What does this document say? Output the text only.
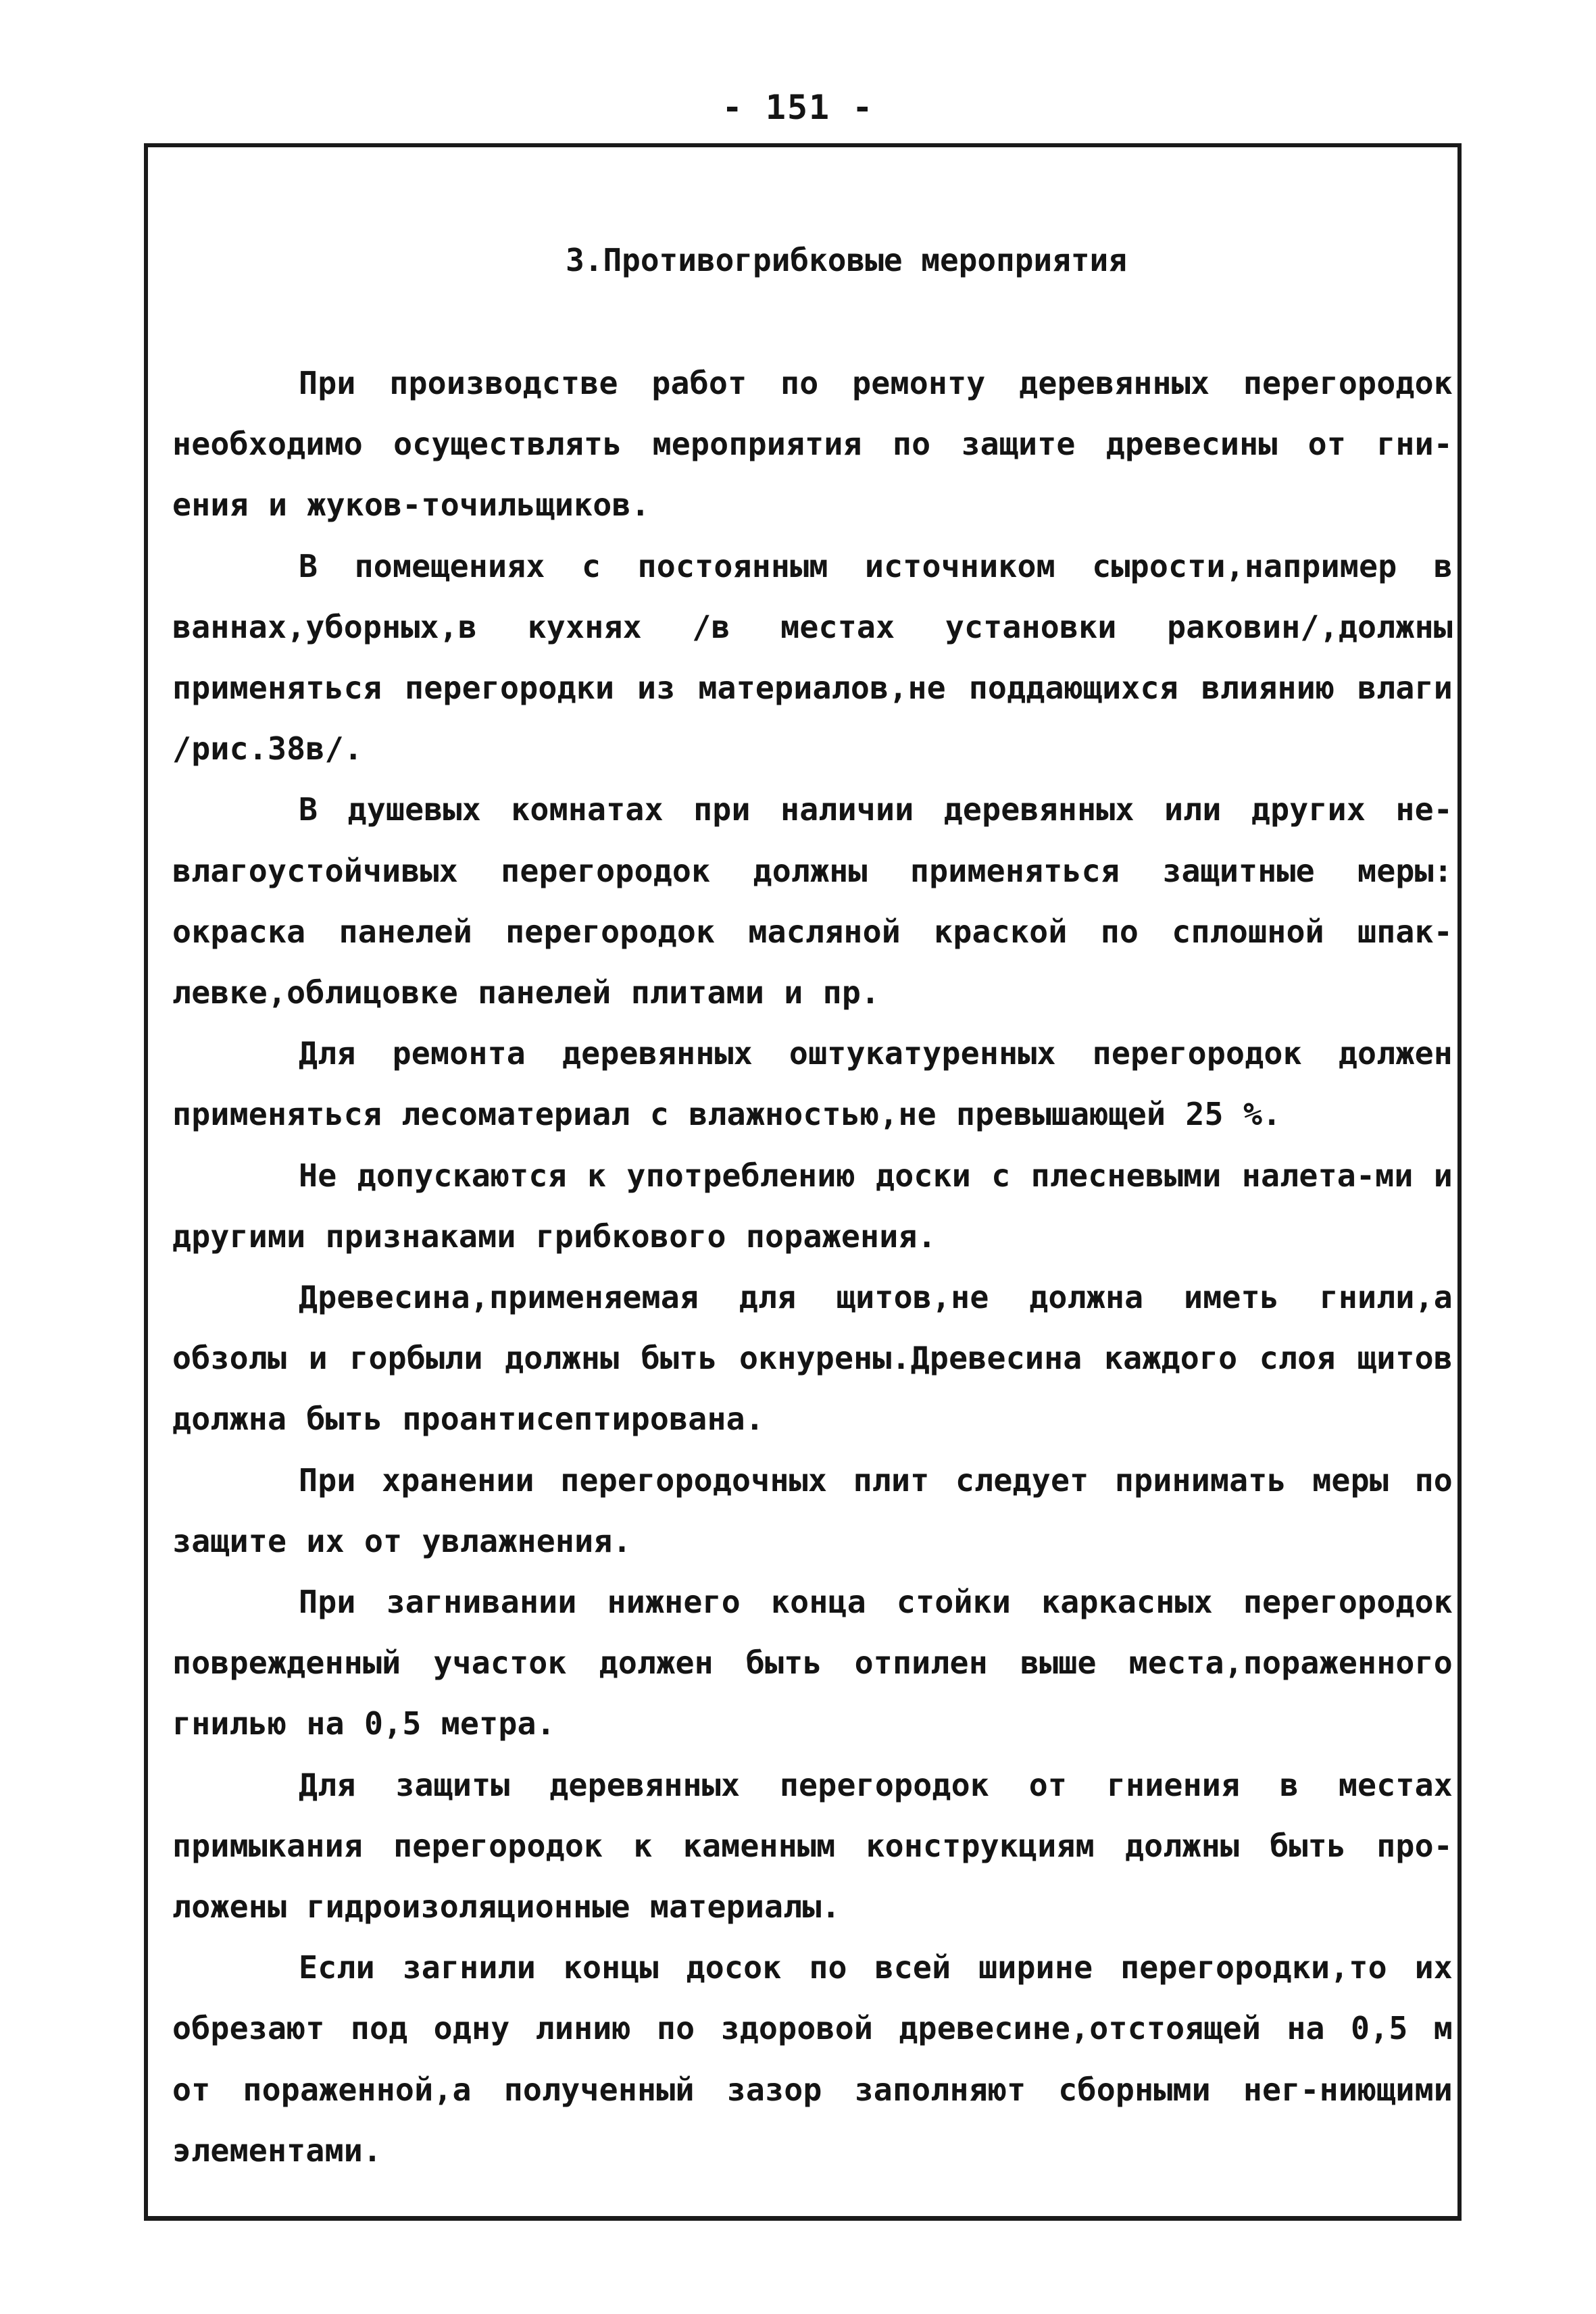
- 151 -
3.Противогрибковые мероприятия

При производстве работ по ремонту деревянных перегородок необходимо осуществлять мероприятия по защите древесины от гни-ения и жуков-точильщиков.

В помещениях с постоянным источником сырости,например в ваннах,уборных,в кухнях /в местах установки раковин/,должны применяться перегородки из материалов,не поддающихся влиянию влаги /рис.38в/.

В душевых комнатах при наличии деревянных или других не-влагоустойчивых перегородок должны применяться защитные меры: окраска панелей перегородок масляной краской по сплошной шпак-левке,облицовке панелей плитами и пр.

Для ремонта деревянных оштукатуренных перегородок должен применяться лесоматериал с влажностью,не превышающей 25 %.

Не допускаются к употреблению доски с плесневыми налета-ми и другими признаками грибкового поражения.

Древесина,применяемая для щитов,не должна иметь гнили,а обзолы и горбыли должны быть окнурены.Древесина каждого слоя щитов должна быть проантисептирована.

При хранении перегородочных плит следует принимать меры по защите их от увлажнения.

При загнивании нижнего конца стойки каркасных перегородок поврежденный участок должен быть отпилен выше места,пораженного гнилью на 0,5 метра.

Для защиты деревянных перегородок от гниения в местах примыкания перегородок к каменным конструкциям должны быть про-ложены гидроизоляционные материалы.

Если загнили концы досок по всей ширине перегородки,то их обрезают под одну линию по здоровой древесине,отстоящей на 0,5 м от пораженной,а полученный зазор заполняют сборными нег-ниющими элементами.
